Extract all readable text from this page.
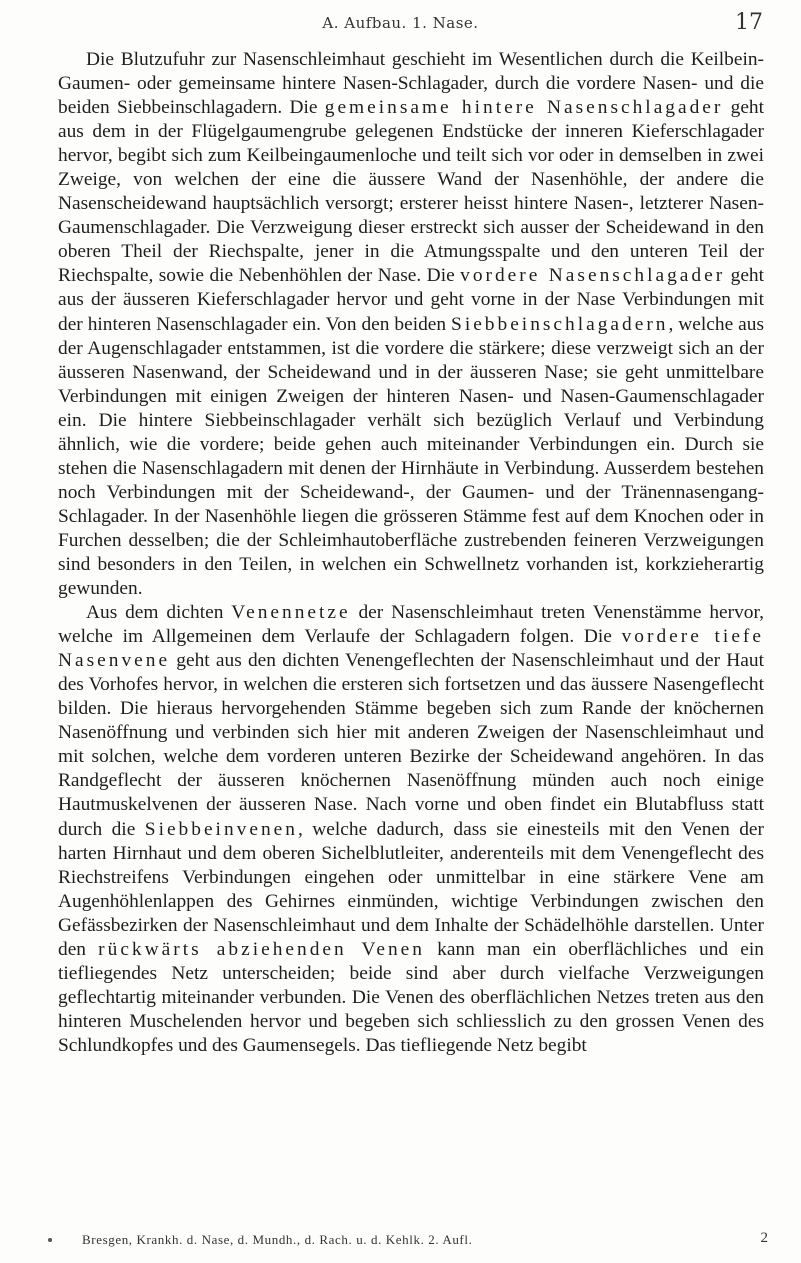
A. Aufbau. 1. Nase.	17

Die Blutzufuhr zur Nasenschleimhaut geschieht im Wesentlichen durch die Keilbein-Gaumen- oder gemeinsame hintere Nasen-Schlagader, durch die vordere Nasen- und die beiden Siebbeinschlagadern. Die gemeinsame hintere Nasenschlagader geht aus dem in der Flügelgaumengrube gelegenen Endstücke der inneren Kieferschlagader hervor, begibt sich zum Keilbeingaumenloche und teilt sich vor oder in demselben in zwei Zweige, von welchen der eine die äussere Wand der Nasenhöhle, der andere die Nasenscheidewand hauptsächlich versorgt; ersterer heisst hintere Nasen-, letzterer Nasen-Gaumenschlagader. Die Verzweigung dieser erstreckt sich ausser der Scheidewand in den oberen Theil der Riechspalte, jener in die Atmungsspalte und den unteren Teil der Riechspalte, sowie die Nebenhöhlen der Nase. Die vordere Nasenschlagader geht aus der äusseren Kieferschlagader hervor und geht vorne in der Nase Verbindungen mit der hinteren Nasenschlagader ein. Von den beiden Siebbeinschlagadern, welche aus der Augenschlagader entstammen, ist die vordere die stärkere; diese verzweigt sich an der äusseren Nasenwand, der Scheidewand und in der äusseren Nase; sie geht unmittelbare Verbindungen mit einigen Zweigen der hinteren Nasen- und Nasen-Gaumenschlagader ein. Die hintere Siebbeinschlagader verhält sich bezüglich Verlauf und Verbindung ähnlich, wie die vordere; beide gehen auch miteinander Verbindungen ein. Durch sie stehen die Nasenschlagadern mit denen der Hirnhäute in Verbindung. Ausserdem bestehen noch Verbindungen mit der Scheidewand-, der Gaumen- und der Tränennasengang-Schlagader. In der Nasenhöhle liegen die grösseren Stämme fest auf dem Knochen oder in Furchen desselben; die der Schleimhautoberfläche zustrebenden feineren Verzweigungen sind besonders in den Teilen, in welchen ein Schwellnetz vorhanden ist, korkzieherartig gewunden.

Aus dem dichten Venennetze der Nasenschleimhaut treten Venenstämme hervor, welche im Allgemeinen dem Verlaufe der Schlagadern folgen. Die vordere tiefe Nasenvene geht aus den dichten Venengeflechten der Nasenschleimhaut und der Haut des Vorhofes hervor, in welchen die ersteren sich fortsetzen und das äussere Nasengeflecht bilden. Die hieraus hervorgehenden Stämme begeben sich zum Rande der knöchernen Nasenöffnung und verbinden sich hier mit anderen Zweigen der Nasenschleimhaut und mit solchen, welche dem vorderen unteren Bezirke der Scheidewand angehören. In das Randgeflecht der äusseren knöchernen Nasenöffnung münden auch noch einige Hautmuskelvenen der äusseren Nase. Nach vorne und oben findet ein Blutabfluss statt durch die Siebbeinvenen, welche dadurch, dass sie einesteils mit den Venen der harten Hirnhaut und dem oberen Sichelblutleiter, anderenteils mit dem Venengeflecht des Riechstreifens Verbindungen eingehen oder unmittelbar in eine stärkere Vene am Augenhöhlenlappen des Gehirnes einmünden, wichtige Verbindungen zwischen den Gefässbezirken der Nasenschleimhaut und dem Inhalte der Schädelhöhle darstellen. Unter den rückwärts abziehenden Venen kann man ein oberflächliches und ein tiefliegendes Netz unterscheiden; beide sind aber durch vielfache Verzweigungen geflechtartig miteinander verbunden. Die Venen des oberflächlichen Netzes treten aus den hinteren Muschelenden hervor und begeben sich schliesslich zu den grossen Venen des Schlundkopfes und des Gaumensegels. Das tiefliegende Netz begibt

Bresgen, Krankh. d. Nase, d. Mundh., d. Rach. u. d. Kehlk. 2. Aufl.	2
